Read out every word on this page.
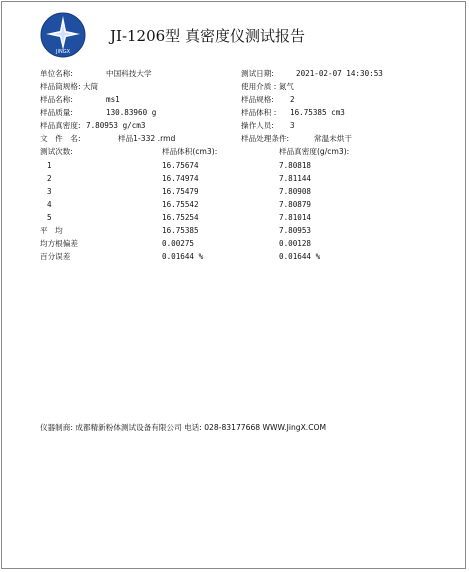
JINGX
JI-1206型 真密度仪测试报告
单位名称:	中国科技大学	测试日期:	2021-02-07 14:30:53
样品筒规格: 大筒	使用介质 : 氮气
样品名称:	ms1	样品规格: 2
样品质量:	130.83960 g	样品体积 : 16.75385 cm3
样品真密度: 7.80953 g/cm3	操作人员: 3
文　件　名:	样品1-332 .rmd	样品处理条件:	常温未烘干
测试次数:	样品体积(cm3):	样品真密度(g/cm3):
1	16.75674	7.80818
2	16.74974	7.81144
3	16.75479	7.80908
4	16.75542	7.80879
5	16.75254	7.81014
平　均	16.75385	7.80953
均方根偏差	0.00275	0.00128
百分误差	0.01644 %	0.01644 %
仪器制商: 成都精新粉体测试设备有限公司 电话: 028-83177668 WWW.JingX.COM
